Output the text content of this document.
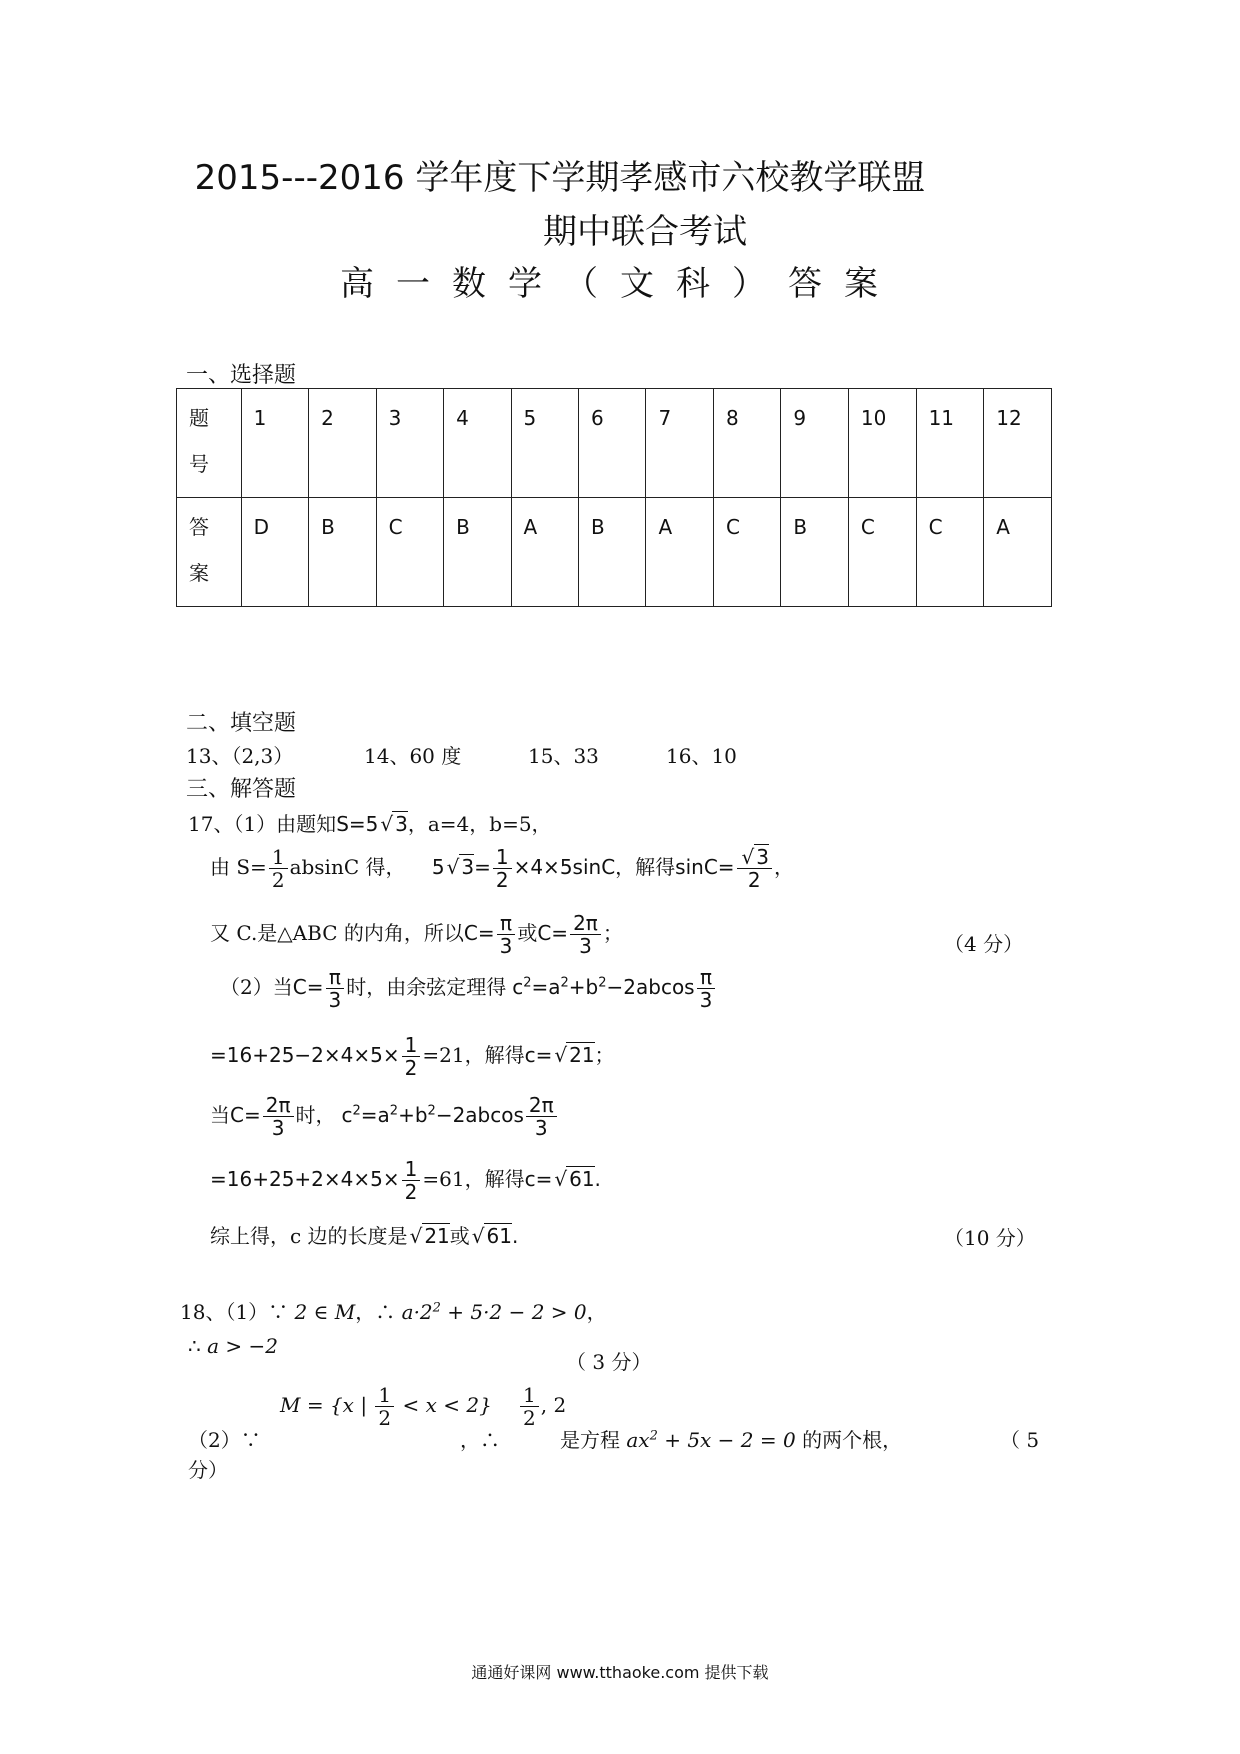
2015---2016 学年度下学期孝感市六校教学联盟
期中联合考试
高一数学（文科）答案
一、选择题
题号	1	2	3	4	5	6	7	8	9	10	11	12
答案	D	B	C	B	A	B	A	C	B	C	C	A
二、填空题
13、（2,3）	14、60 度	15、33	16、10
三、解答题
17、（1）由题知S=5 √ 3，a=4，b=5，
由 $S= \frac{1}{2}$ absinC 得， 5 √ $3= \frac{1}{2} \times 4\times 5\sin C$，解得sinC= √ $\frac{3}{2}$ ，
又 C.是△ABC 的内角，所以$C= \frac{\pi}{3}$ 或$C= \frac{2\pi}{3}$ ；	（4 分）
（2）当$C= \frac{\pi}{3}$ 时，由余弦定理得 $c^2=a^2+b^2-2abcos \frac{\pi}{3}$
$=16+25-2\times 4\times 5\times \frac{1}{2} =21$，解得c= √ 21；
当$C= \frac{2\pi}{3}$ 时， $c^2=a^2+b^2-2abcos \frac{2\pi}{3}$
$=16+25+2\times 4\times 5\times \frac{1}{2} =61$，解得c= √ 61.
综上得，c 边的长度是 √ 21或 √ 61.	（10 分）
18、（1）∵ 2 ∈ M，∴ $a\cdot 2^2 + 5\cdot 2 - 2 > 0$，
∴ a > −2
（ 3 分）
M = {x | $\frac{1}{2} < x < 2\} \frac{1}{2}$ , 2
（2）∵	，∴	是方程 $ax^2 + 5x - 2 = 0$ 的两个根，	（ 5
分）
通通好课网 www.tthaoke.com 提供下载
